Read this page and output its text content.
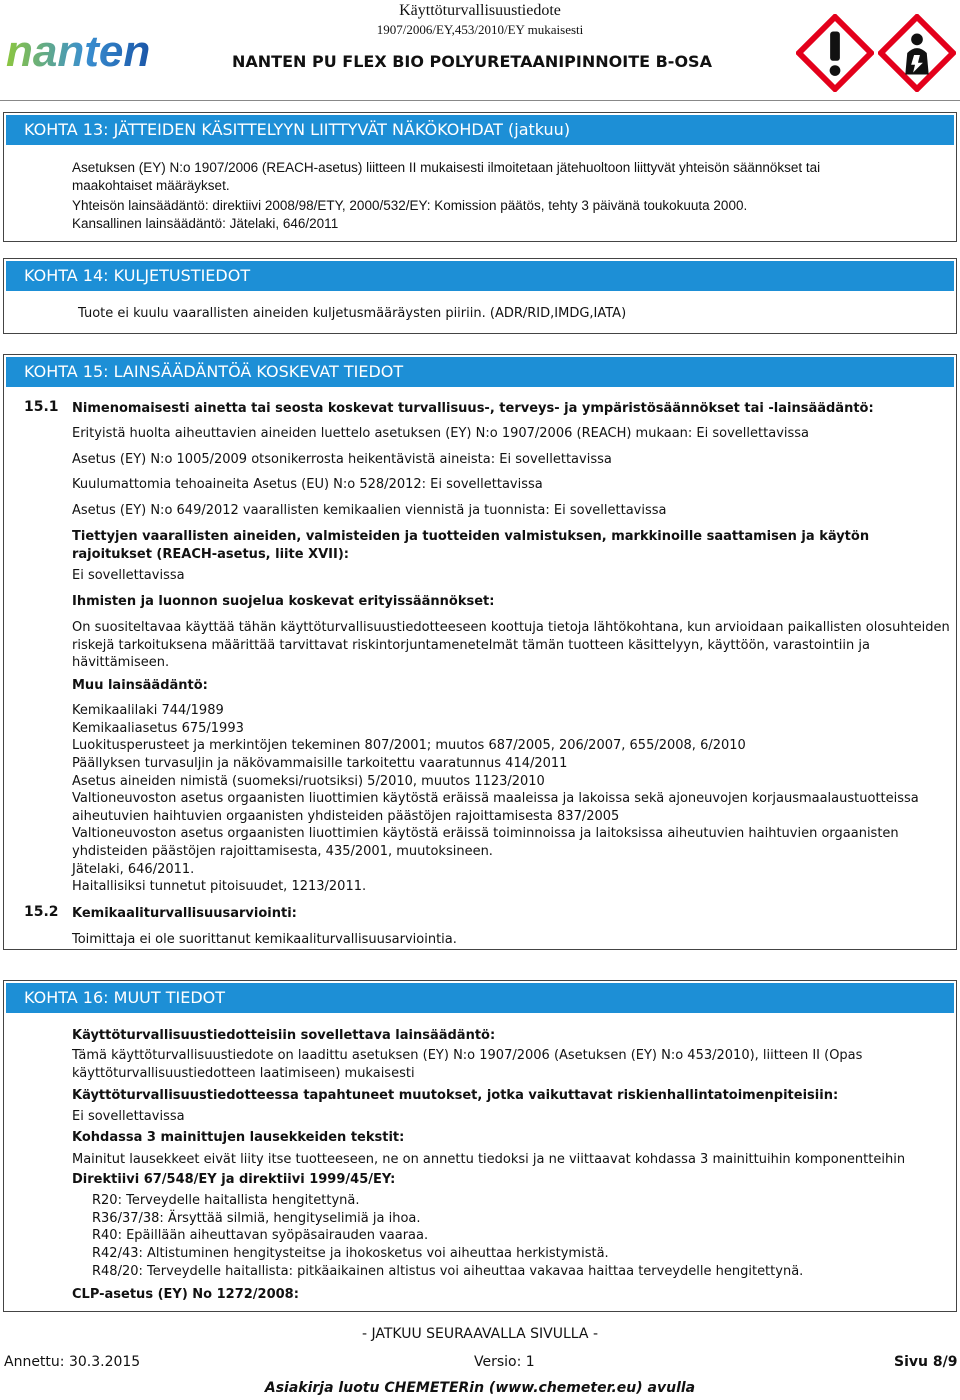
Käyttöturvallisuustiedote
1907/2006/EY,453/2010/EY mukaisesti
nanten	NANTEN PU FLEX BIO POLYURETAANIPINNOITE B-OSA
KOHTA 13: JÄTTEIDEN KÄSITTELYYN LIITTYVÄT NÄKÖKOHDAT (jatkuu)
Asetuksen (EY) N:o 1907/2006 (REACH-asetus) liitteen II mukaisesti ilmoitetaan jätehuoltoon liittyvät yhteisön säännökset tai
maakohtaiset määräykset.
Yhteisön lainsäädäntö: direktiivi 2008/98/ETY, 2000/532/EY: Komission päätös, tehty 3 päivänä toukokuuta 2000.
Kansallinen lainsäädäntö: Jätelaki, 646/2011
KOHTA 14: KULJETUSTIEDOT
Tuote ei kuulu vaarallisten aineiden kuljetusmääräysten piiriin. (ADR/RID,IMDG,IATA)
KOHTA 15: LAINSÄÄDÄNTÖÄ KOSKEVAT TIEDOT
15.1 Nimenomaisesti ainetta tai seosta koskevat turvallisuus-, terveys- ja ympäristösäännökset tai -lainsäädäntö:
Erityistä huolta aiheuttavien aineiden luettelo asetuksen (EY) N:o 1907/2006 (REACH) mukaan: Ei sovellettavissa
Asetus (EY) N:o 1005/2009 otsonikerrosta heikentävistä aineista: Ei sovellettavissa
Kuulumattomia tehoaineita Asetus (EU) N:o 528/2012: Ei sovellettavissa
Asetus (EY) N:o 649/2012 vaarallisten kemikaalien viennistä ja tuonnista: Ei sovellettavissa
Tiettyjen vaarallisten aineiden, valmisteiden ja tuotteiden valmistuksen, markkinoille saattamisen ja käytön
rajoitukset (REACH-asetus, liite XVII):
Ei sovellettavissa
Ihmisten ja luonnon suojelua koskevat erityissäännökset:
On suositeltavaa käyttää tähän käyttöturvallisuustiedotteeseen koottuja tietoja lähtökohtana, kun arvioidaan paikallisten olosuhteiden
riskejä tarkoituksena määrittää tarvittavat riskintorjuntamenetelmät tämän tuotteen käsittelyyn, käyttöön, varastointiin ja
hävittämiseen.
Muu lainsäädäntö:
Kemikaalilaki 744/1989
Kemikaaliasetus 675/1993
Luokitusperusteet ja merkintöjen tekeminen 807/2001; muutos 687/2005, 206/2007, 655/2008, 6/2010
Päällyksen turvasuljin ja näkövammaisille tarkoitettu vaaratunnus 414/2011
Asetus aineiden nimistä (suomeksi/ruotsiksi) 5/2010, muutos 1123/2010
Valtioneuvoston asetus orgaanisten liuottimien käytöstä eräissä maaleissa ja lakoissa sekä ajoneuvojen korjausmaalaustuotteissa
aiheutuvien haihtuvien orgaanisten yhdisteiden päästöjen rajoittamisesta 837/2005
Valtioneuvoston asetus orgaanisten liuottimien käytöstä eräissä toiminnoissa ja laitoksissa aiheutuvien haihtuvien orgaanisten
yhdisteiden päästöjen rajoittamisesta, 435/2001, muutoksineen.
Jätelaki, 646/2011.
Haitallisiksi tunnetut pitoisuudet, 1213/2011.
15.2 Kemikaaliturvallisuusarviointi:
Toimittaja ei ole suorittanut kemikaaliturvallisuusarviointia.
KOHTA 16: MUUT TIEDOT
Käyttöturvallisuustiedotteisiin sovellettava lainsäädäntö:
Tämä käyttöturvallisuustiedote on laadittu asetuksen (EY) N:o 1907/2006 (Asetuksen (EY) N:o 453/2010), liitteen II (Opas
käyttöturvallisuustiedotteen laatimiseen) mukaisesti
Käyttöturvallisuustiedotteessa tapahtuneet muutokset, jotka vaikuttavat riskienhallintatoimenpiteisiin:
Ei sovellettavissa
Kohdassa 3 mainittujen lausekkeiden tekstit:
Mainitut lausekkeet eivät liity itse tuotteeseen, ne on annettu tiedoksi ja ne viittaavat kohdassa 3 mainittuihin komponentteihin
Direktiivi 67/548/EY ja direktiivi 1999/45/EY:
R20: Terveydelle haitallista hengitettynä.
R36/37/38: Ärsyttää silmiä, hengityselimiä ja ihoa.
R40: Epäillään aiheuttavan syöpäsairauden vaaraa.
R42/43: Altistuminen hengitysteitse ja ihokosketus voi aiheuttaa herkistymistä.
R48/20: Terveydelle haitallista: pitkäaikainen altistus voi aiheuttaa vakavaa haittaa terveydelle hengitettynä.
CLP-asetus (EY) No 1272/2008:
- JATKUU SEURAAVALLA SIVULLA -
Annettu: 30.3.2015	Versio: 1	Sivu 8/9
Asiakirja luotu CHEMETERin (www.chemeter.eu) avulla
